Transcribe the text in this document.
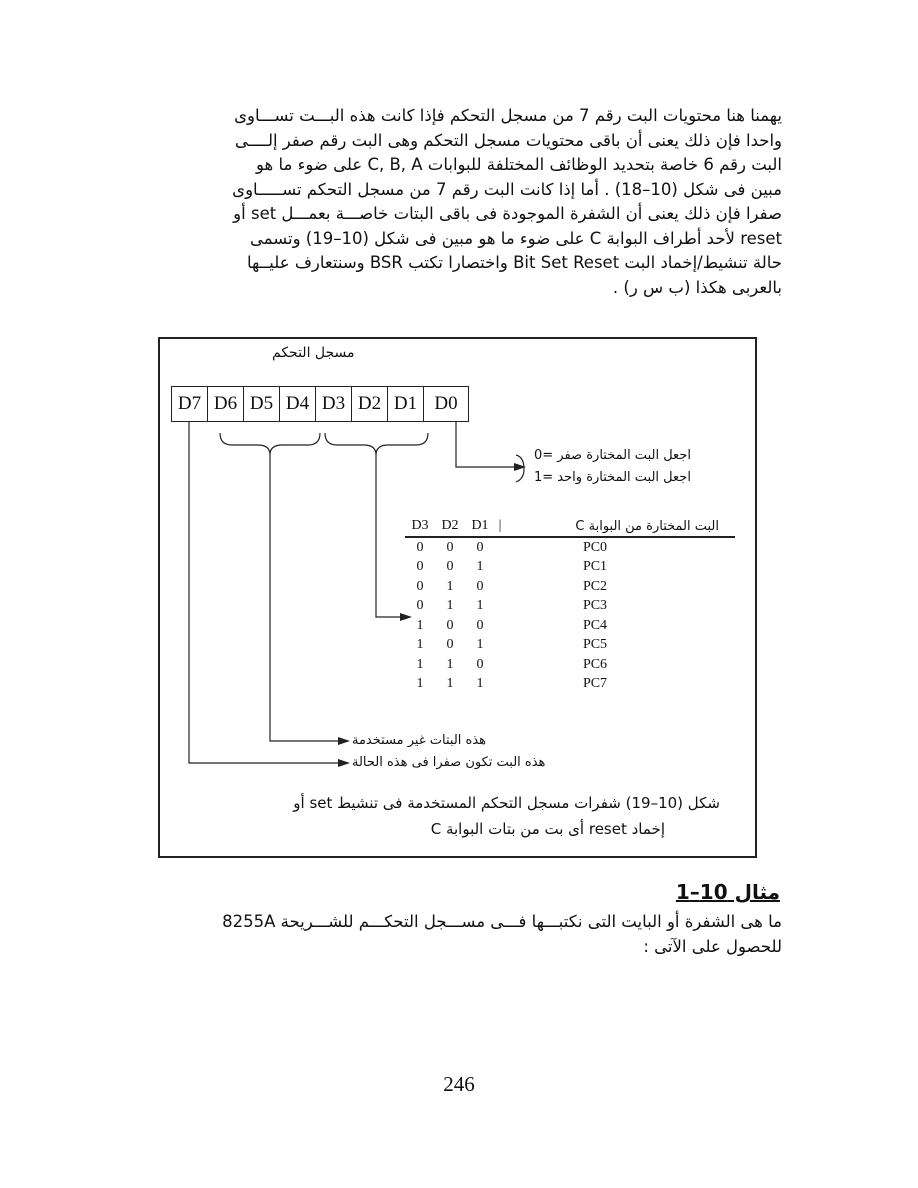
يهمنا هنا محتويات البت رقم 7 من مسجل التحكم فإذا كانت هذه البـــت تســـاوى
واحدا فإن ذلك يعنى أن باقى محتويات مسجل التحكم وهى البت رقم صفر إلــــى
البت رقم 6 خاصة بتحديد الوظائف المختلفة للبوابات C, B, A على ضوء ما هو
مبين فى شكل (10–18) . أما إذا كانت البت رقم 7 من مسجل التحكم تســـــاوى
صفرا فإن ذلك يعنى أن الشفرة الموجودة فى باقى البتات خاصـــة بعمـــل set أو
reset لأحد أطراف البوابة C على ضوء ما هو مبين فى شكل (10–19) وتسمى
حالة تنشيط/إخماد البت Bit Set Reset واختصارا تكتب BSR وسنتعارف عليــها
بالعربى هكذا (ب س ر) .
مسجل التحكم
D7 D6 D5 D4 D3 D2 D1 D0
اجعل البت المختارة صفر =0
اجعل البت المختارة واحد =1
D3 D2 D1 |	البت المختارة من البوابة C
0	0	0	PC0
0	0	1	PC1
0	1	0	PC2
0	1	1	PC3
1	0	0	PC4
1	0	1	PC5
1	1	0	PC6
1	1	1	PC7
هذه البتات غير مستخدمة
هذه البت تكون صفرا فى هذه الحالة
شكل (10–19) شفرات مسجل التحكم المستخدمة فى تنشيط set أو
إخماد reset أى بت من بتات البوابة C
مثال 10–1
ما هى الشفرة أو البايت التى نكتبـــها فـــى مســـجل التحكـــم للشـــريحة 8255A
للحصول على الآتى :
246
